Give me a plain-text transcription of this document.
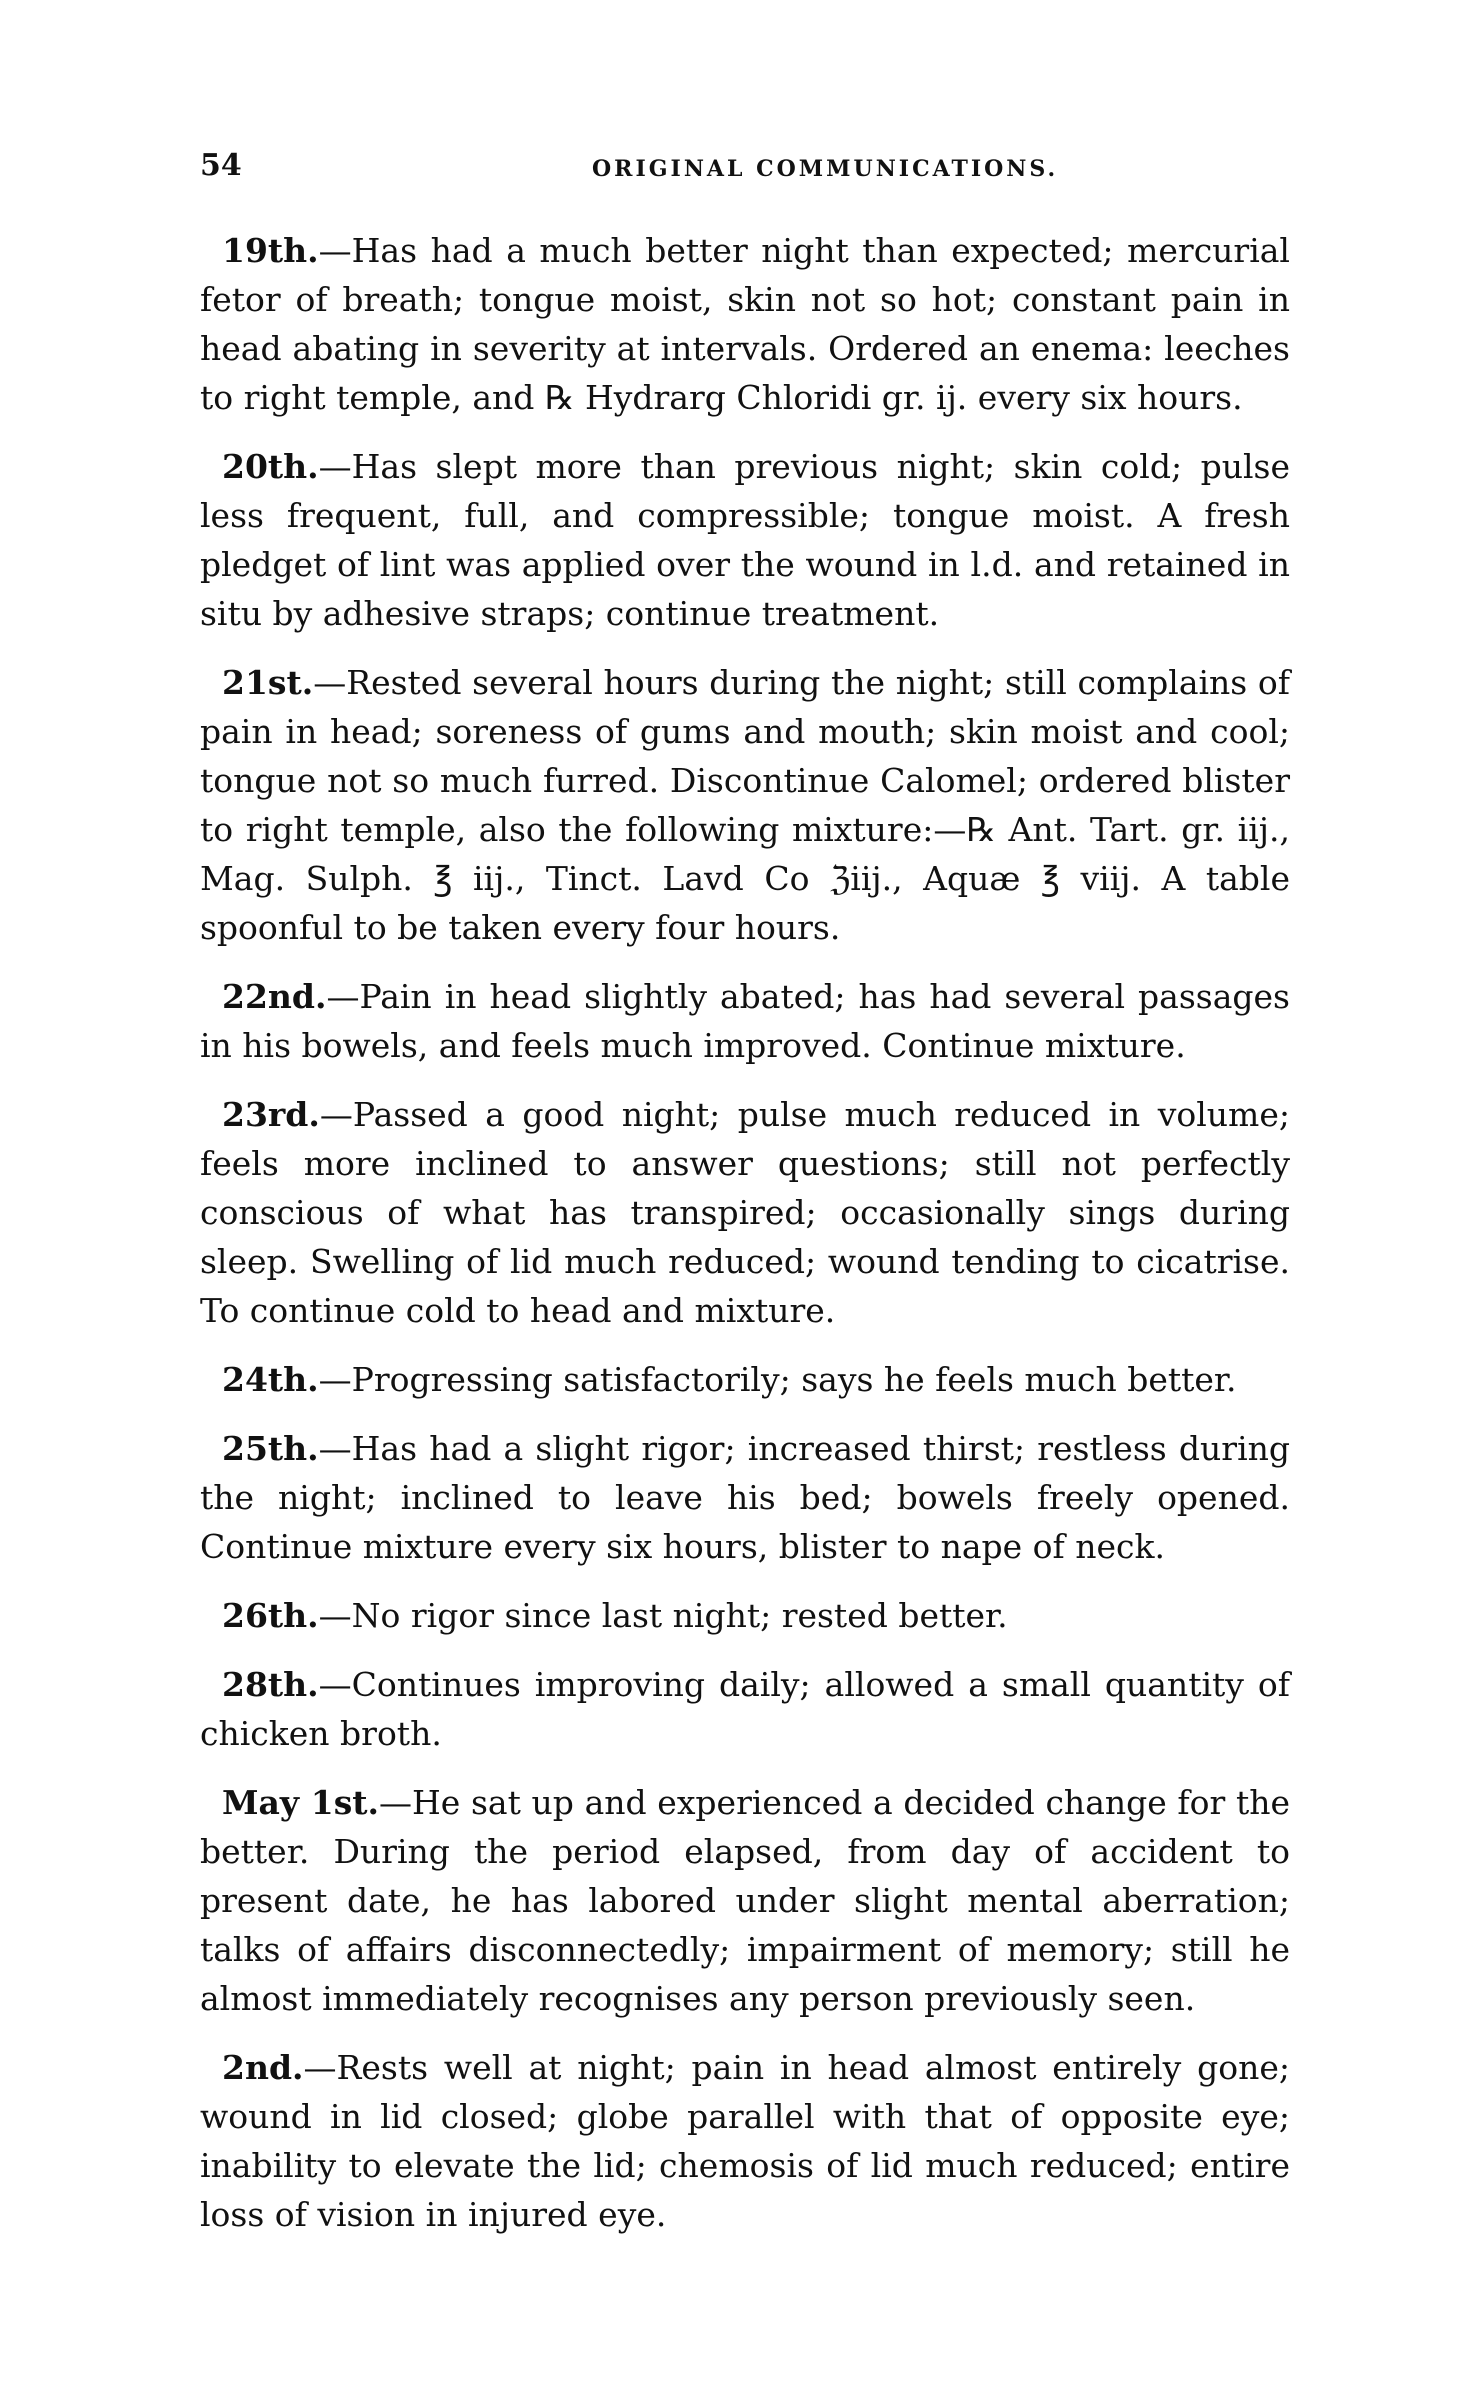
54	ORIGINAL COMMUNICATIONS.

19th.—Has had a much better night than expected; mercurial fetor of breath; tongue moist, skin not so hot; constant pain in head abating in severity at intervals. Ordered an enema: leeches to right temple, and ℞ Hydrarg Chloridi gr. ij. every six hours.

20th.—Has slept more than previous night; skin cold; pulse less frequent, full, and compressible; tongue moist. A fresh pledget of lint was applied over the wound in l.d. and retained in situ by adhesive straps; continue treatment.

21st.—Rested several hours during the night; still complains of pain in head; soreness of gums and mouth; skin moist and cool; tongue not so much furred. Discontinue Calomel; ordered blister to right temple, also the following mixture:—℞ Ant. Tart. gr. iij., Mag. Sulph. ℥ iij., Tinct. Lavd Co ℨiij., Aquæ ℥ viij. A table spoonful to be taken every four hours.

22nd.—Pain in head slightly abated; has had several passages in his bowels, and feels much improved. Continue mixture.

23rd.—Passed a good night; pulse much reduced in volume; feels more inclined to answer questions; still not perfectly conscious of what has transpired; occasionally sings during sleep. Swelling of lid much reduced; wound tending to cicatrise. To continue cold to head and mixture.

24th.—Progressing satisfactorily; says he feels much better.

25th.—Has had a slight rigor; increased thirst; restless during the night; inclined to leave his bed; bowels freely opened. Continue mixture every six hours, blister to nape of neck.

26th.—No rigor since last night; rested better.

28th.—Continues improving daily; allowed a small quantity of chicken broth.

May 1st.—He sat up and experienced a decided change for the better. During the period elapsed, from day of accident to present date, he has labored under slight mental aberration; talks of affairs disconnectedly; impairment of memory; still he almost immediately recognises any person previously seen.

2nd.—Rests well at night; pain in head almost entirely gone; wound in lid closed; globe parallel with that of opposite eye; inability to elevate the lid; chemosis of lid much reduced; entire loss of vision in injured eye.
